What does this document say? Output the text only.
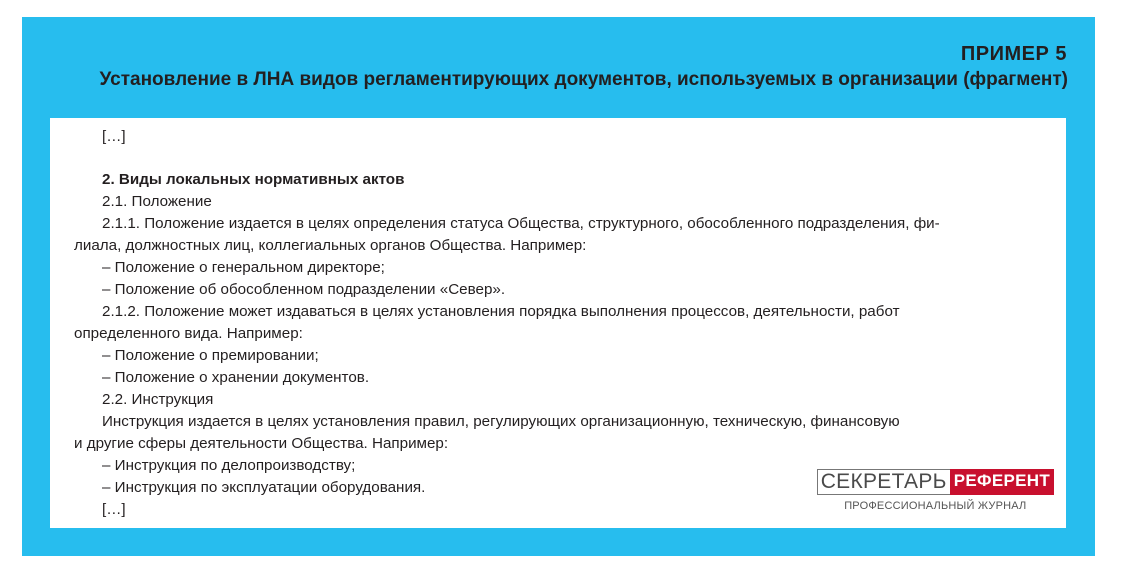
ПРИМЕР 5
Установление в ЛНА видов регламентирующих документов, используемых в организации (фрагмент)
[…]
2. Виды локальных нормативных актов
2.1. Положение
2.1.1. Положение издается в целях определения статуса Общества, структурного, обособленного подразделения, фи-
лиала, должностных лиц, коллегиальных органов Общества. Например:
– Положение о генеральном директоре;
– Положение об обособленном подразделении «Север».
2.1.2. Положение может издаваться в целях установления порядка выполнения процессов, деятельности, работ
определенного вида. Например:
– Положение о премировании;
– Положение о хранении документов.
2.2. Инструкция
Инструкция издается в целях установления правил, регулирующих организационную, техническую, финансовую
и другие сферы деятельности Общества. Например:
– Инструкция по делопроизводству;
– Инструкция по эксплуатации оборудования.
[…]
СЕКРЕТАРЬ РЕФЕРЕНТ
ПРОФЕССИОНАЛЬНЫЙ ЖУРНАЛ
